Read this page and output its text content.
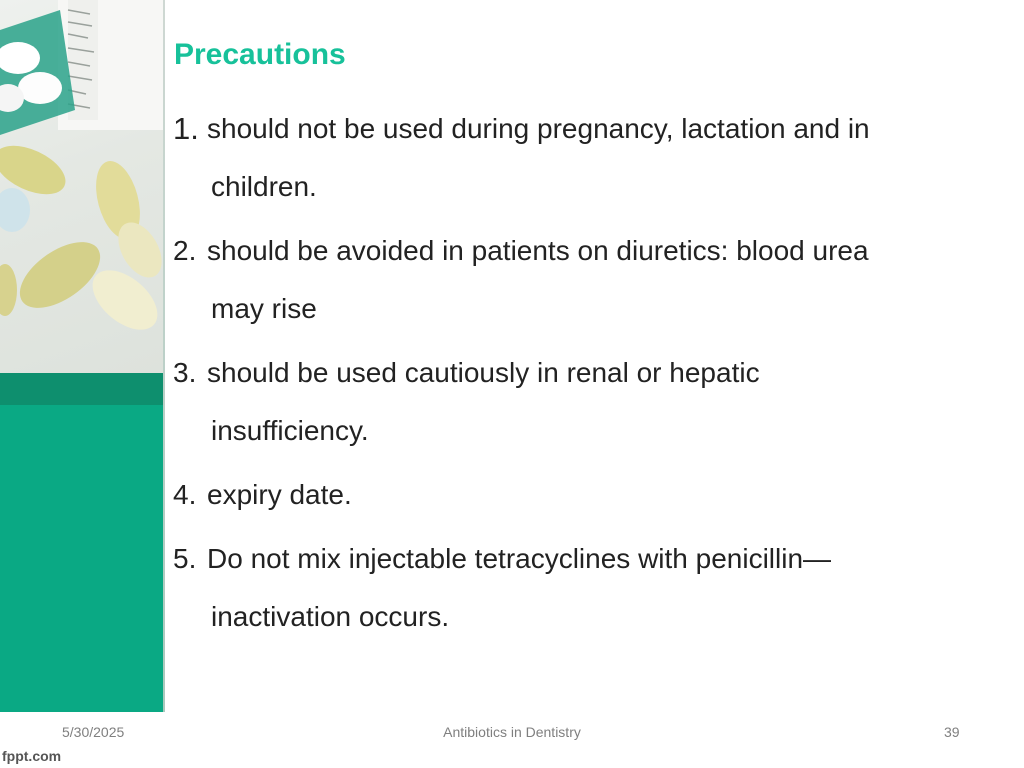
Precautions
1. should not be used during pregnancy, lactation and in
children.
2. should be avoided in patients on diuretics: blood urea
may rise
3. should be used cautiously in renal or hepatic
insufficiency.
4. expiry date.
5. Do not mix injectable tetracyclines with penicillin—
inactivation occurs.
5/30/2025	Antibiotics in Dentistry	39
fppt.com
